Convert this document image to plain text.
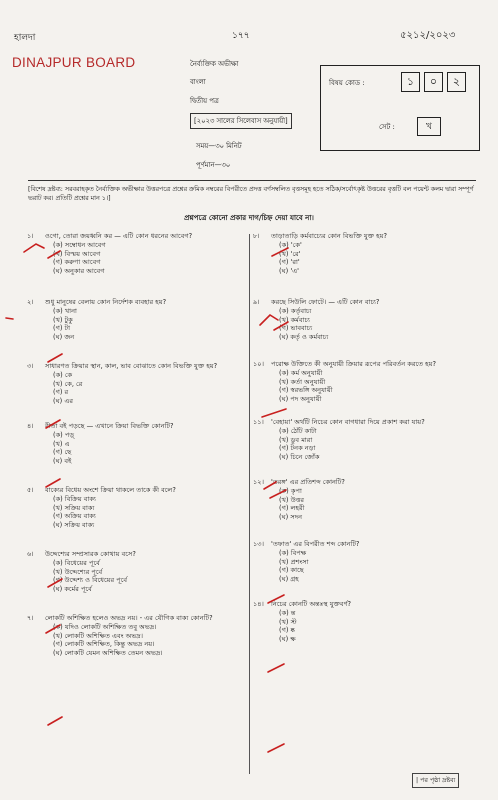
হালদা	১৭৭	৫২১২/২০২৩
DINAJPUR BOARD	নৈর্ব্যক্তিক অভীক্ষা
বাংলা
দ্বিতীয় পত্র
[২০২৩ সালের সিলেবাস অনুযায়ী]
সময়—৩০ মিনিট
পূর্ণমান—৩০
বিষয় কোড :	১	০	২
সেট :	খ
[বিশেষ দ্রষ্টব্য: সরবরাহকৃত নৈর্ব্যক্তিক অভীক্ষার উত্তরপত্রে প্রশ্নের ক্রমিক নম্বরের বিপরীতে প্রদত্ত বর্ণসম্বলিত বৃত্তসমূহ হতে সঠিক/সর্বোৎকৃষ্ট উত্তরের বৃত্তটি বল পয়েন্ট কলম দ্বারা সম্পূর্ণ ভরাট কর। প্রতিটি প্রশ্নের মান ১।]
প্রশ্নপত্রে কোনো প্রকার দাগ/চিহ্ন দেয়া যাবে না।
১।	ওগো, তোরা জয়ধ্বনি কর — এটি কোন ধরনের আবেগ?
(ক) সম্বোধন আবেগ
(খ) বিস্ময় আবেগ
(গ) করুণা আবেগ
(ঘ) অনুকার আবেগ
২।	শুধু মানুষের বেলায় কোন নির্দেশক ব্যবহার হয়?
(ক) খানা
(খ) টুকু
(গ) টা
(ঘ) জন
৩।	সাধারণত ক্রিয়ার স্থান, কাল, ভাব বোঝাতে কোন বিভক্তি যুক্ত হয়?
(ক) কে
(খ) কে, রে
(গ) র
(ঘ) এর
৪।	রীতা বই পড়ছে — এখানে ক্রিয়া বিভক্তি কোনটি?
(ক) পড়্
(খ) এ
(গ) ছে
(ঘ) বই
৫।	বাক্যের বিধেয় অংশে ক্রিয়া থাকলে তাকে কী বলে?
(ক) বিক্রিয় বাক্য
(খ) সক্রিয় বাক্য
(গ) অক্রিয় বাক্য
(ঘ) সক্রিয় বাক্য
৬।	উদ্দেশ্যের সম্প্রসারক কোথায় বসে?
(ক) বিধেয়ের পূর্বে
(খ) উদ্দেশ্যের পূর্বে
(গ) উদ্দেশ্য ও বিধেয়ের পূর্বে
(ঘ) কর্মের পূর্বে
৭।	লোকটি অশিক্ষিত হলেও অভদ্র নয়। - এর যৌগিক বাক্য কোনটি?
(ক) যদিও লোকটি অশিক্ষিত তবু অভদ্র।
(খ) লোকটি অশিক্ষিত এবং অভদ্র।
(গ) লোকটি অশিক্ষিত, কিন্তু অভদ্র নয়।
(ঘ) লোকটি যেমন অশিক্ষিত তেমন অভদ্র।
৮।	তাড়াতাড়ি কর্মবাচ্যের কোন বিভক্তি যুক্ত হয়?
(ক) 'কে'
(খ) 'রে'
(গ) 'রা'
(ঘ) 'এ'
৯।	করছে সিউলি ফোটে। — এটি কোন বাচ্য?
(ক) কর্তৃবাচ্য
(খ) কর্মবাচ্য
(গ) ভাববাচ্য
(ঘ) কর্তৃ ও কর্মবাচ্য
১০।	পরোক্ষ উক্তিতে কী অনুযায়ী ক্রিয়ার রূপের পরিবর্তন করতে হয়?
(ক) কর্ম অনুযায়ী
(খ) কর্তা অনুযায়ী
(গ) স্বরভঙ্গি অনুযায়ী
(ঘ) পদ অনুযায়ী
১১।	'বেহায়া' অর্থটি নিচের কোন বাগধারা দিয়ে প্রকাশ করা যায়?
(ক) ঠোঁট কাটা
(খ) ডুব মারা
(গ) টনক নড়া
(ঘ) চিনে জোঁক
১২।	'তরঙ্গ' এর প্রতিশব্দ কোনটি?
(ক) কৃপা
(খ) উত্তর
(গ) লহরী
(ঘ) সদন
১৩।	'তফাত' এর বিপরীত শব্দ কোনটি?
(ক) বিপক্ষ
(খ) প্রশংসা
(গ) কাছে
(ঘ) গ্রহ
১৪।	নিচের কোনটি অন্তঃস্থ যুক্তবর্ণ?
(ক) ন্ত
(খ) স্ট
(গ) ষ্ক
(ঘ) ক্ষ
| পর পৃষ্ঠা দ্রষ্টব্য
